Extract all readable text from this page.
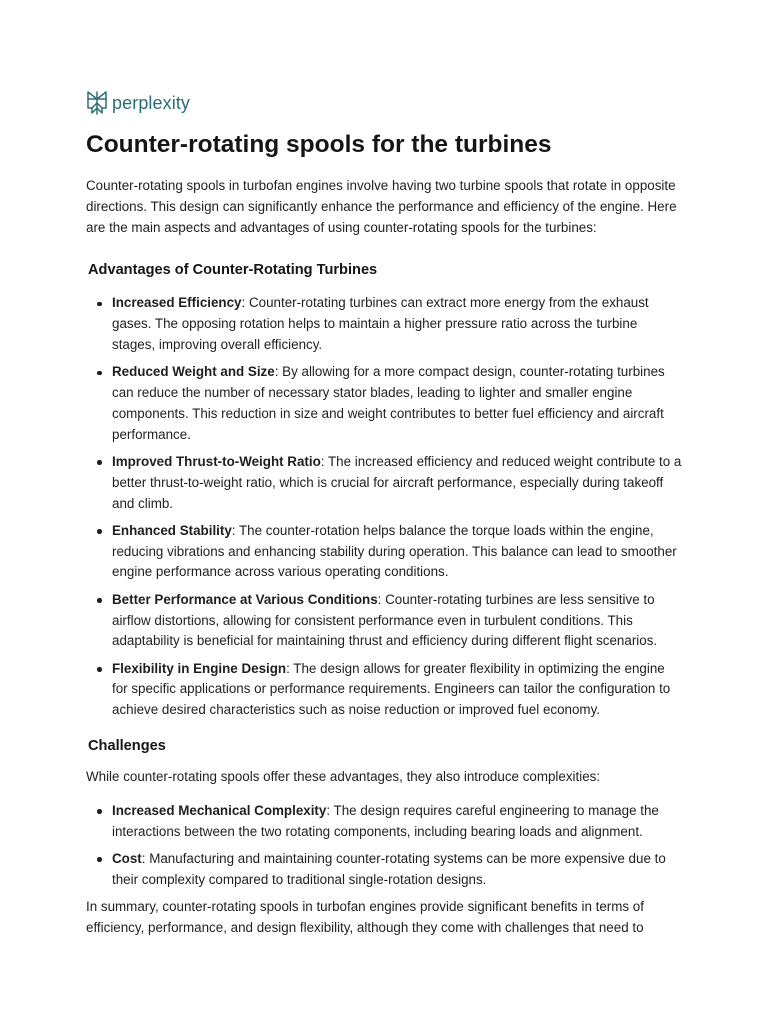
perplexity
Counter-rotating spools for the turbines

Counter-rotating spools in turbofan engines involve having two turbine spools that rotate in opposite directions. This design can significantly enhance the performance and efficiency of the engine. Here are the main aspects and advantages of using counter-rotating spools for the turbines:

Advantages of Counter-Rotating Turbines
Increased Efficiency: Counter-rotating turbines can extract more energy from the exhaust gases. The opposing rotation helps to maintain a higher pressure ratio across the turbine stages, improving overall efficiency.
Reduced Weight and Size: By allowing for a more compact design, counter-rotating turbines can reduce the number of necessary stator blades, leading to lighter and smaller engine components. This reduction in size and weight contributes to better fuel efficiency and aircraft performance.
Improved Thrust-to-Weight Ratio: The increased efficiency and reduced weight contribute to a better thrust-to-weight ratio, which is crucial for aircraft performance, especially during takeoff and climb.
Enhanced Stability: The counter-rotation helps balance the torque loads within the engine, reducing vibrations and enhancing stability during operation. This balance can lead to smoother engine performance across various operating conditions.
Better Performance at Various Conditions: Counter-rotating turbines are less sensitive to airflow distortions, allowing for consistent performance even in turbulent conditions. This adaptability is beneficial for maintaining thrust and efficiency during different flight scenarios.
Flexibility in Engine Design: The design allows for greater flexibility in optimizing the engine for specific applications or performance requirements. Engineers can tailor the configuration to achieve desired characteristics such as noise reduction or improved fuel economy.
Challenges

While counter-rotating spools offer these advantages, they also introduce complexities:

Increased Mechanical Complexity: The design requires careful engineering to manage the interactions between the two rotating components, including bearing loads and alignment.
Cost: Manufacturing and maintaining counter-rotating systems can be more expensive due to their complexity compared to traditional single-rotation designs.

In summary, counter-rotating spools in turbofan engines provide significant benefits in terms of efficiency, performance, and design flexibility, although they come with challenges that need to
